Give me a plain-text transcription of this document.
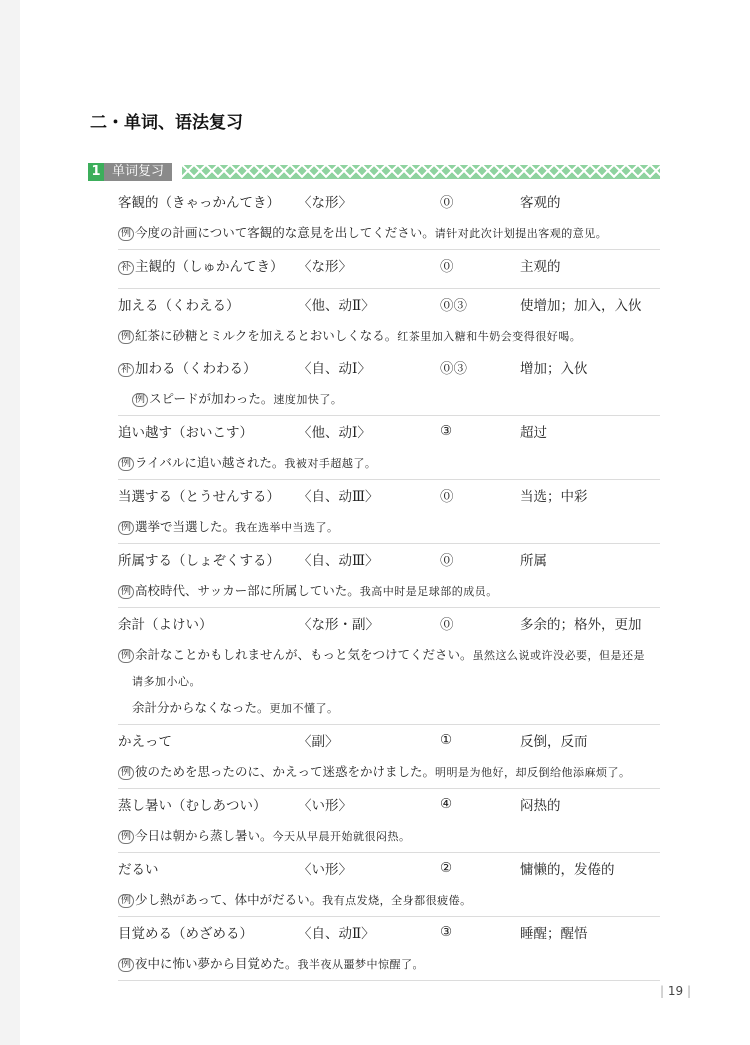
二・单词、语法复习
1 单词复习
客観的（きゃっかんてき）	〈な形〉	⓪	客观的
例 今度の計画について客観的な意見を出してください。请针对此次计划提出客观的意见。
补 主観的（しゅかんてき）	〈な形〉	⓪	主观的
加える（くわえる）	〈他、动Ⅱ〉	⓪③	使增加；加入，入伙
例 紅茶に砂糖とミルクを加えるとおいしくなる。红茶里加入糖和牛奶会变得很好喝。
补 加わる（くわわる）	〈自、动Ⅰ〉	⓪③	增加；入伙
例 スピードが加わった。速度加快了。
追い越す（おいこす）	〈他、动Ⅰ〉	③	超过
例 ライバルに追い越された。我被对手超越了。
当選する（とうせんする）	〈自、动Ⅲ〉	⓪	当选；中彩
例 選挙で当選した。我在选举中当选了。
所属する（しょぞくする）	〈自、动Ⅲ〉	⓪	所属
例 高校時代、サッカー部に所属していた。我高中时是足球部的成员。
余計（よけい）	〈な形・副〉	⓪	多余的；格外，更加
例 余計なことかもしれませんが、もっと気をつけてください。虽然这么说或许没必要，但是还是
请多加小心。
余計分からなくなった。更加不懂了。
かえって	〈副〉	①	反倒，反而
例 彼のためを思ったのに、かえって迷惑をかけました。明明是为他好，却反倒给他添麻烦了。
蒸し暑い（むしあつい）	〈い形〉	④	闷热的
例 今日は朝から蒸し暑い。今天从早晨开始就很闷热。
だるい	〈い形〉	②	慵懒的，发倦的
例 少し熱があって、体中がだるい。我有点发烧，全身都很疲倦。
目覚める（めざめる）	〈自、动Ⅱ〉	③	睡醒；醒悟
例 夜中に怖い夢から目覚めた。我半夜从噩梦中惊醒了。
| 19 |
